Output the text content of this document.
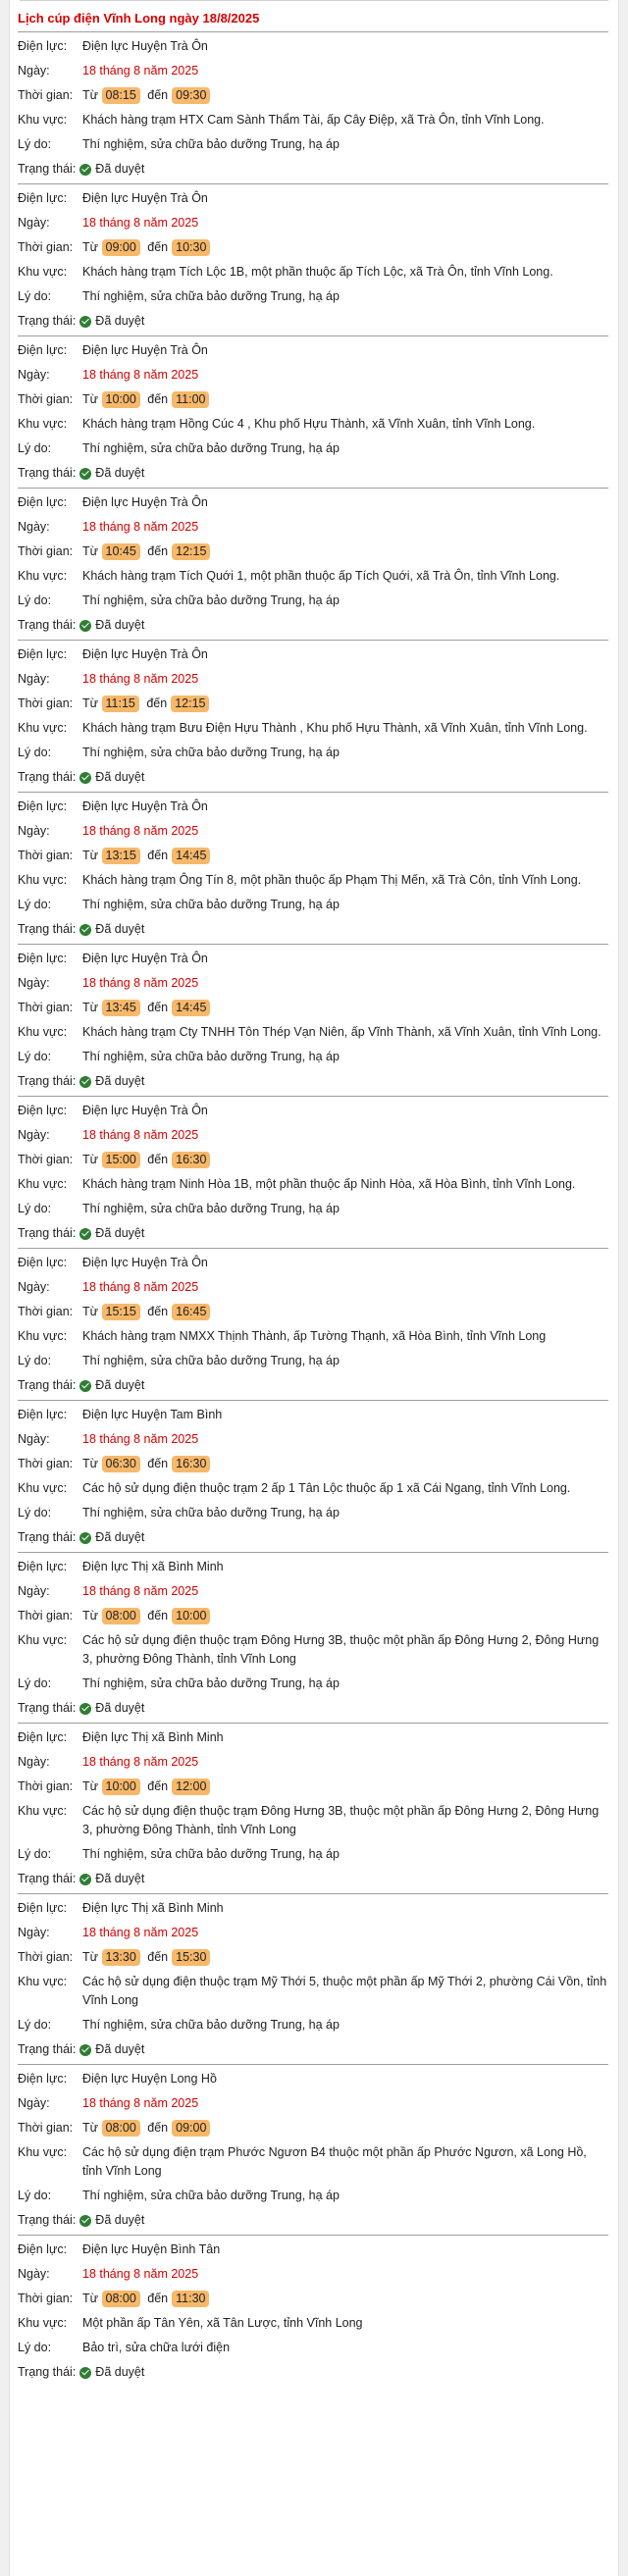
Lịch cúp điện Vĩnh Long ngày 18/8/2025
Điện lực:	Điện lực Huyện Trà Ôn
Ngày:	18 tháng 8 năm 2025
Thời gian: Từ 08:15 đến 09:30
Khu vực:	Khách hàng trạm HTX Cam Sành Thẩm Tài, ấp Cây Điệp, xã Trà Ôn, tỉnh Vĩnh Long.
Lý do:	Thí nghiệm, sửa chữa bảo dưỡng Trung, hạ áp
Trạng thái: Đã duyệt
Điện lực:	Điện lực Huyện Trà Ôn
Ngày:	18 tháng 8 năm 2025
Thời gian: Từ 09:00 đến 10:30
Khu vực:	Khách hàng trạm Tích Lộc 1B, một phần thuộc ấp Tích Lộc, xã Trà Ôn, tỉnh Vĩnh Long.
Lý do:	Thí nghiệm, sửa chữa bảo dưỡng Trung, hạ áp
Trạng thái: Đã duyệt
Điện lực:	Điện lực Huyện Trà Ôn
Ngày:	18 tháng 8 năm 2025
Thời gian: Từ 10:00 đến 11:00
Khu vực:	Khách hàng trạm Hồng Cúc 4 , Khu phố Hựu Thành, xã Vĩnh Xuân, tỉnh Vĩnh Long.
Lý do:	Thí nghiệm, sửa chữa bảo dưỡng Trung, hạ áp
Trạng thái: Đã duyệt
Điện lực:	Điện lực Huyện Trà Ôn
Ngày:	18 tháng 8 năm 2025
Thời gian: Từ 10:45 đến 12:15
Khu vực:	Khách hàng trạm Tích Quới 1, một phần thuộc ấp Tích Quới, xã Trà Ôn, tỉnh Vĩnh Long.
Lý do:	Thí nghiệm, sửa chữa bảo dưỡng Trung, hạ áp
Trạng thái: Đã duyệt
Điện lực:	Điện lực Huyện Trà Ôn
Ngày:	18 tháng 8 năm 2025
Thời gian: Từ 11:15 đến 12:15
Khu vực:	Khách hàng trạm Bưu Điện Hựu Thành , Khu phố Hựu Thành, xã Vĩnh Xuân, tỉnh Vĩnh Long.
Lý do:	Thí nghiệm, sửa chữa bảo dưỡng Trung, hạ áp
Trạng thái: Đã duyệt
Điện lực:	Điện lực Huyện Trà Ôn
Ngày:	18 tháng 8 năm 2025
Thời gian: Từ 13:15 đến 14:45
Khu vực:	Khách hàng trạm Ông Tín 8, một phần thuộc ấp Phạm Thị Mến, xã Trà Côn, tỉnh Vĩnh Long.
Lý do:	Thí nghiệm, sửa chữa bảo dưỡng Trung, hạ áp
Trạng thái: Đã duyệt
Điện lực:	Điện lực Huyện Trà Ôn
Ngày:	18 tháng 8 năm 2025
Thời gian: Từ 13:45 đến 14:45
Khu vực:	Khách hàng trạm Cty TNHH Tôn Thép Vạn Niên, ấp Vĩnh Thành, xã Vĩnh Xuân, tỉnh Vĩnh Long.
Lý do:	Thí nghiệm, sửa chữa bảo dưỡng Trung, hạ áp
Trạng thái: Đã duyệt
Điện lực:	Điện lực Huyện Trà Ôn
Ngày:	18 tháng 8 năm 2025
Thời gian: Từ 15:00 đến 16:30
Khu vực:	Khách hàng trạm Ninh Hòa 1B, một phần thuộc ấp Ninh Hòa, xã Hòa Bình, tỉnh Vĩnh Long.
Lý do:	Thí nghiệm, sửa chữa bảo dưỡng Trung, hạ áp
Trạng thái: Đã duyệt
Điện lực:	Điện lực Huyện Trà Ôn
Ngày:	18 tháng 8 năm 2025
Thời gian: Từ 15:15 đến 16:45
Khu vực:	Khách hàng trạm NMXX Thịnh Thành, ấp Tường Thạnh, xã Hòa Bình, tỉnh Vĩnh Long
Lý do:	Thí nghiệm, sửa chữa bảo dưỡng Trung, hạ áp
Trạng thái: Đã duyệt
Điện lực:	Điện lực Huyện Tam Bình
Ngày:	18 tháng 8 năm 2025
Thời gian: Từ 06:30 đến 16:30
Khu vực:	Các hộ sử dụng điện thuộc trạm 2 ấp 1 Tân Lộc thuộc ấp 1 xã Cái Ngang, tỉnh Vĩnh Long.
Lý do:	Thí nghiệm, sửa chữa bảo dưỡng Trung, hạ áp
Trạng thái: Đã duyệt
Điện lực:	Điện lực Thị xã Bình Minh
Ngày:	18 tháng 8 năm 2025
Thời gian: Từ 08:00 đến 10:00
Khu vực:	Các hộ sử dụng điện thuộc trạm Đông Hưng 3B, thuộc một phần ấp Đông Hưng 2, Đông Hưng 3, phường Đông Thành, tỉnh Vĩnh Long
Lý do:	Thí nghiệm, sửa chữa bảo dưỡng Trung, hạ áp
Trạng thái: Đã duyệt
Điện lực:	Điện lực Thị xã Bình Minh
Ngày:	18 tháng 8 năm 2025
Thời gian: Từ 10:00 đến 12:00
Khu vực:	Các hộ sử dụng điện thuộc trạm Đông Hưng 3B, thuộc một phần ấp Đông Hưng 2, Đông Hưng 3, phường Đông Thành, tỉnh Vĩnh Long
Lý do:	Thí nghiệm, sửa chữa bảo dưỡng Trung, hạ áp
Trạng thái: Đã duyệt
Điện lực:	Điện lực Thị xã Bình Minh
Ngày:	18 tháng 8 năm 2025
Thời gian: Từ 13:30 đến 15:30
Khu vực:	Các hộ sử dụng điện thuộc trạm Mỹ Thới 5, thuộc một phần ấp Mỹ Thới 2, phường Cái Vồn, tỉnh Vĩnh Long
Lý do:	Thí nghiệm, sửa chữa bảo dưỡng Trung, hạ áp
Trạng thái: Đã duyệt
Điện lực:	Điện lực Huyện Long Hồ
Ngày:	18 tháng 8 năm 2025
Thời gian: Từ 08:00 đến 09:00
Khu vực:	Các hộ sử dụng điện trạm Phước Ngươn B4 thuộc một phần ấp Phước Ngươn, xã Long Hồ, tỉnh Vĩnh Long
Lý do:	Thí nghiệm, sửa chữa bảo dưỡng Trung, hạ áp
Trạng thái: Đã duyệt
Điện lực:	Điện lực Huyện Bình Tân
Ngày:	18 tháng 8 năm 2025
Thời gian: Từ 08:00 đến 11:30
Khu vực:	Một phần ấp Tân Yên, xã Tân Lược, tỉnh Vĩnh Long
Lý do:	Bảo trì, sửa chữa lưới điện
Trạng thái: Đã duyệt
